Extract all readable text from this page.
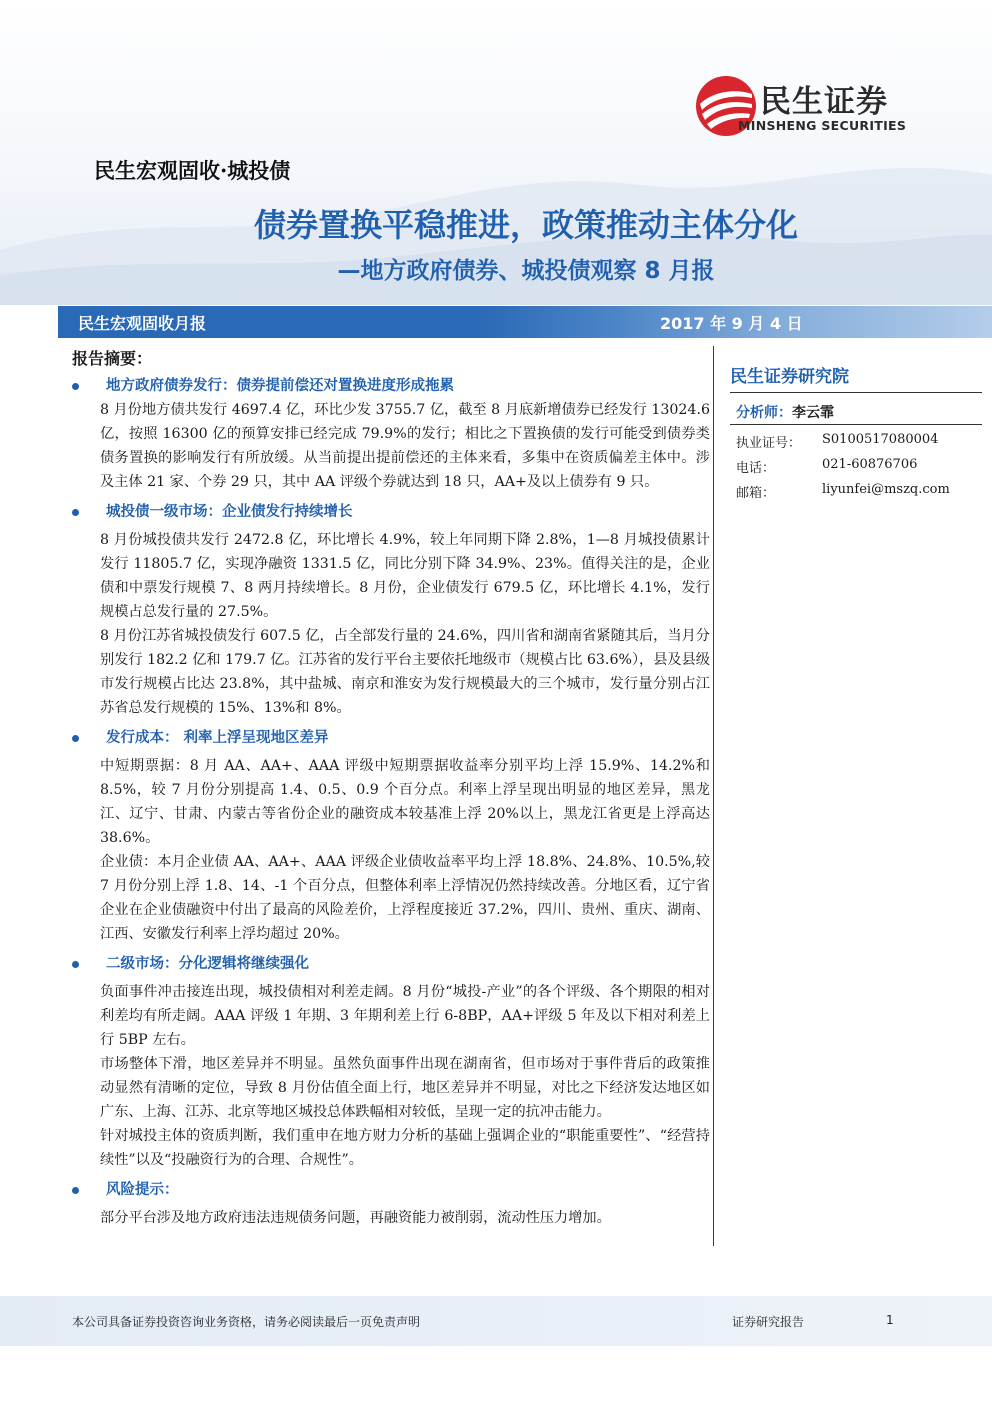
民生证券
MINSHENG SECURITIES
民生宏观固收·城投债
债券置换平稳推进，政策推动主体分化
—地方政府债券、城投债观察 8 月报
民生宏观固收月报	2017 年 9 月 4 日
报告摘要：
地方政府债券发行：债券提前偿还对置换进度形成拖累

8 月份地方债共发行 4697.4 亿，环比少发 3755.7 亿，截至 8 月底新增债券已经发行 13024.6 亿，按照 16300 亿的预算安排已经完成 79.9%的发行；相比之下置换债的发行可能受到债券类债务置换的影响发行有所放缓。从当前提出提前偿还的主体来看，多集中在资质偏差主体中。涉及主体 21 家、个券 29 只，其中 AA 评级个券就达到 18 只，AA+及以上债券有 9 只。

城投债一级市场：企业债发行持续增长

8 月份城投债共发行 2472.8 亿，环比增长 4.9%，较上年同期下降 2.8%，1—8 月城投债累计发行 11805.7 亿，实现净融资 1331.5 亿，同比分别下降 34.9%、23%。值得关注的是，企业债和中票发行规模 7、8 两月持续增长。8 月份，企业债发行 679.5 亿，环比增长 4.1%，发行规模占总发行量的 27.5%。

8 月份江苏省城投债发行 607.5 亿，占全部发行量的 24.6%，四川省和湖南省紧随其后，当月分别发行 182.2 亿和 179.7 亿。江苏省的发行平台主要依托地级市（规模占比 63.6%），县及县级市发行规模占比达 23.8%，其中盐城、南京和淮安为发行规模最大的三个城市，发行量分别占江苏省总发行规模的 15%、13%和 8%。

发行成本： 利率上浮呈现地区差异

中短期票据：8 月 AA、AA+、AAA 评级中短期票据收益率分别平均上浮 15.9%、14.2%和 8.5%，较 7 月份分别提高 1.4、0.5、0.9 个百分点。利率上浮呈现出明显的地区差异，黑龙江、辽宁、甘肃、内蒙古等省份企业的融资成本较基准上浮 20%以上，黑龙江省更是上浮高达 38.6%。

企业债：本月企业债 AA、AA+、AAA 评级企业债收益率平均上浮 18.8%、24.8%、10.5%,较 7 月份分别上浮 1.8、14、-1 个百分点，但整体利率上浮情况仍然持续改善。分地区看，辽宁省企业在企业债融资中付出了最高的风险差价，上浮程度接近 37.2%，四川、贵州、重庆、湖南、江西、安徽发行利率上浮均超过 20%。

二级市场：分化逻辑将继续强化

负面事件冲击接连出现，城投债相对利差走阔。8 月份“城投-产业”的各个评级、各个期限的相对利差均有所走阔。AAA 评级 1 年期、3 年期利差上行 6-8BP，AA+评级 5 年及以下相对利差上行 5BP 左右。

市场整体下滑，地区差异并不明显。虽然负面事件出现在湖南省，但市场对于事件背后的政策推动显然有清晰的定位，导致 8 月份估值全面上行，地区差异并不明显，对比之下经济发达地区如广东、上海、江苏、北京等地区城投总体跌幅相对较低，呈现一定的抗冲击能力。

针对城投主体的资质判断，我们重申在地方财力分析的基础上强调企业的“职能重要性”、“经营持续性”以及“投融资行为的合理、合规性”。

风险提示：

部分平台涉及地方政府违法违规债务问题，再融资能力被削弱，流动性压力增加。

民生证券研究院
分析师：李云霏
执业证号： S0100517080004
电话：	021-60876706
邮箱：	liyunfei@mszq.com
本公司具备证券投资咨询业务资格，请务必阅读最后一页免责声明	证券研究报告	1
